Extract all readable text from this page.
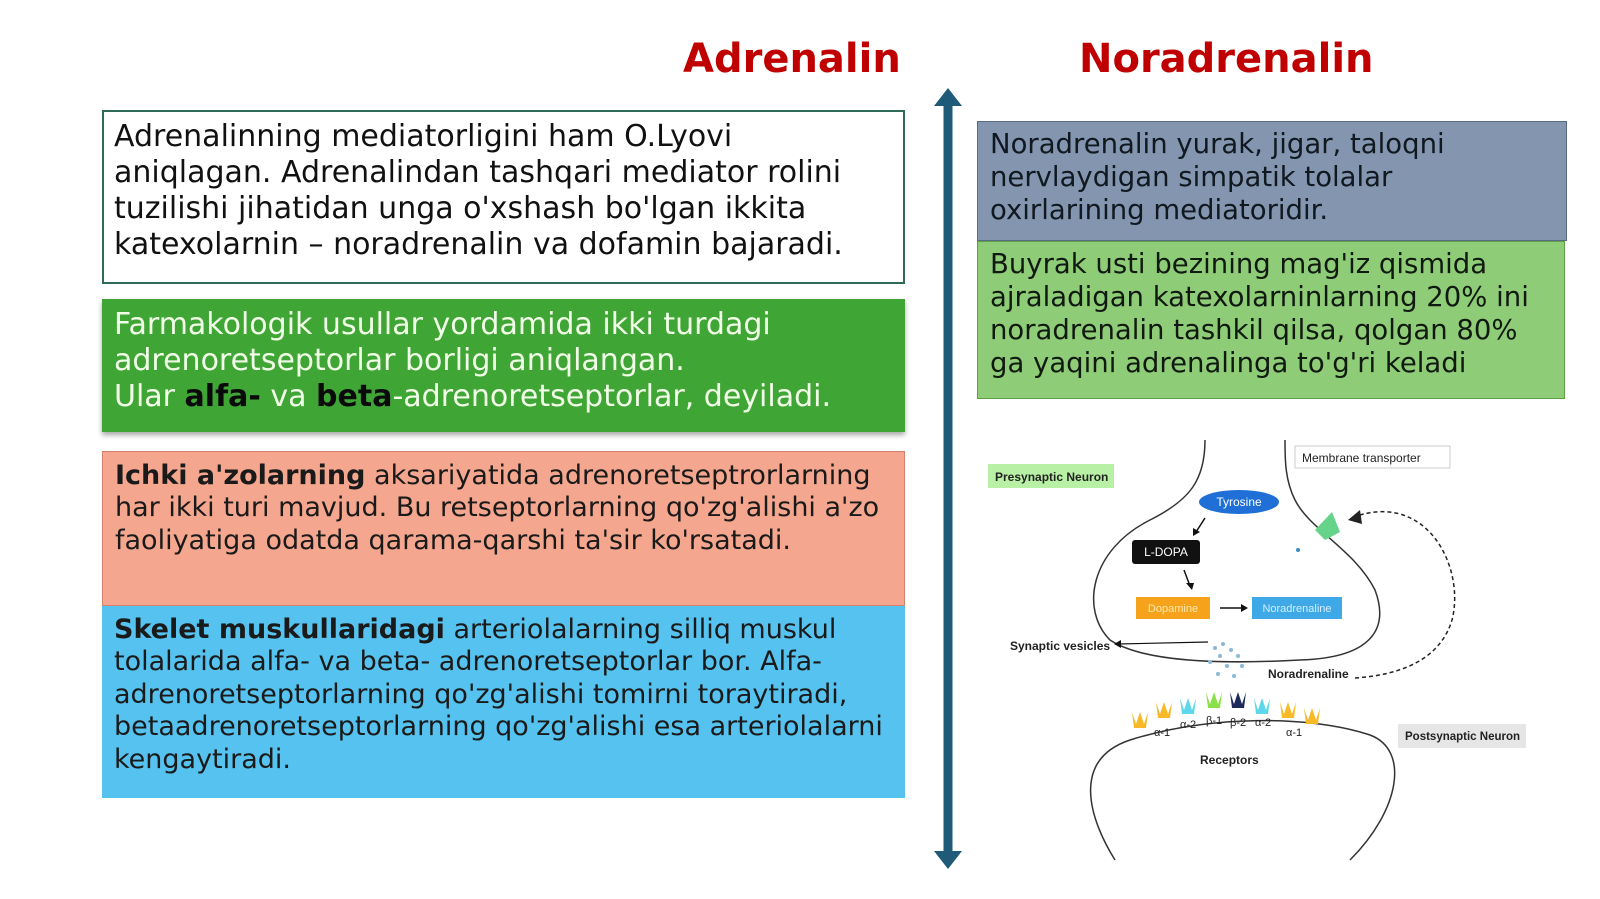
Adrenalin	Noradrenalin

Adrenalinning mediatorligini ham O.Lyovi aniqlagan. Adrenalindan tashqari mediator rolini tuzilishi jihatidan unga o'xshash bo'lgan ikkita katexolarnin – noradrenalin va dofamin bajaradi.

Farmakologik usullar yordamida ikki turdagi adrenoretseptorlar borligi aniqlangan.

Ular alfa- va beta-adrenoretseptorlar, deyiladi.

Ichki a'zolarning aksariyatida adrenoretseptrorlarning har ikki turi mavjud. Bu retseptorlarning qo'zg'alishi a'zo faoliyatiga odatda qarama-qarshi ta'sir ko'rsatadi.

Skelet muskullaridagi arteriolalarning silliq muskul tolalarida alfa- va beta- adrenoretseptorlar bor. Alfa-adrenoretseptorlarning qo'zg'alishi tomirni toraytiradi, betaadrenoretseptorlarning qo'zg'alishi esa arteriolalarni kengaytiradi.

Noradrenalin yurak, jigar, taloqni nervlaydigan simpatik tolalar oxirlarining mediatoridir.

Buyrak usti bezining mag'iz qismida ajraladigan katexolarninlarning 20% ini noradrenalin tashkil qilsa, qolgan 80% ga yaqini adrenalinga to'g'ri keladi

Presynaptic Neuron
Membrane transporter
Tyrosine
L-DOPA
Dopamine	Noradrenaline
Synaptic vesicles
Noradrenaline
α-1
α-2 β-1 β-2 α-2
α-1
Receptors
Postsynaptic Neuron
